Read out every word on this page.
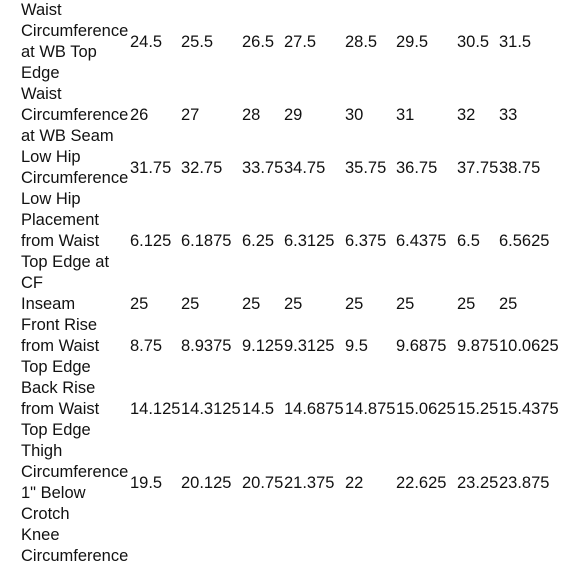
Waist Circumference at WB Top Edge	24.5	25.5	26.5	27.5	28.5	29.5	30.5	31.5
Waist Circumference at WB Seam	26	27	28	29	30	31	32	33
Low Hip Circumference	31.75	32.75	33.75	34.75	35.75	36.75	37.75	38.75
Low Hip Placement from Waist Top Edge at CF	6.125	6.1875	6.25	6.3125	6.375	6.4375	6.5	6.5625
Inseam	25	25	25	25	25	25	25	25
Front Rise from Waist Top Edge	8.75	8.9375	9.125	9.3125	9.5	9.6875	9.875	10.0625
Back Rise from Waist Top Edge	14.125	14.3125	14.5	14.6875	14.875	15.0625	15.25	15.4375
Thigh Circumference 1" Below Crotch	19.5	20.125	20.75	21.375	22	22.625	23.25	23.875
Knee Circumference								
